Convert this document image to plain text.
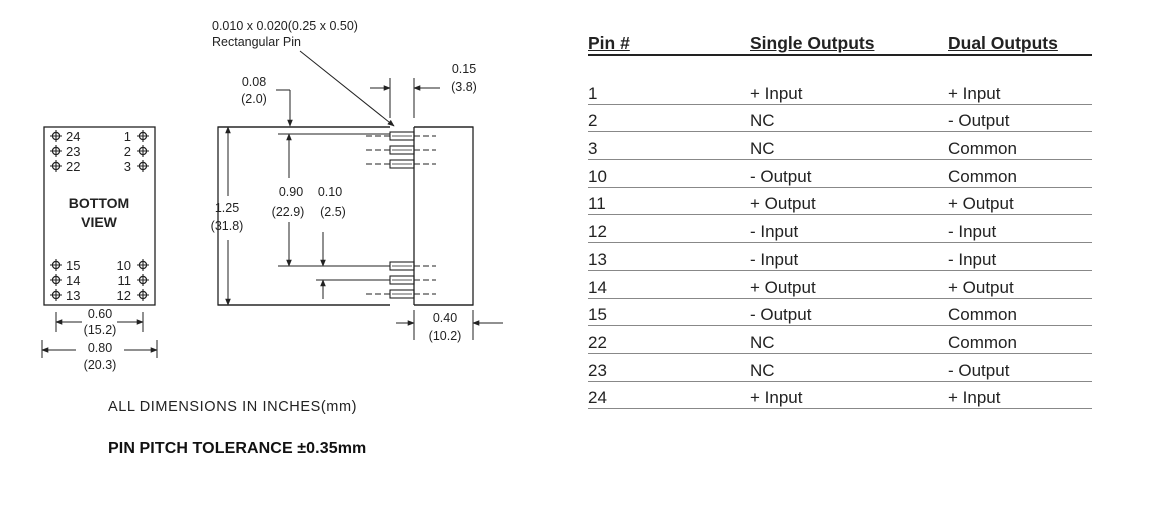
BOTTOM
VIEW
24	1
23	2
22	3
15	10
14	11
13	12
0.60
(15.2)
0.80
(20.3)
0.010 x 0.020(0.25 x 0.50)
Rectangular Pin
0.08
(2.0)
0.15
(3.8)
1.25
(31.8)
0.90
(22.9)
0.10
(2.5)
0.40
(10.2)
ALL DIMENSIONS IN INCHES(mm)
PIN PITCH TOLERANCE ±0.35mm
Pin #	Single Outputs	Dual Outputs

1	+ Input	+ Input
2	NC	- Output
3	NC	Common
10	- Output	Common
11	+ Output	+ Output
12	- Input	- Input
13	- Input	- Input
14	+ Output	+ Output
15	- Output	Common
22	NC	Common
23	NC	- Output
24	+ Input	+ Input
